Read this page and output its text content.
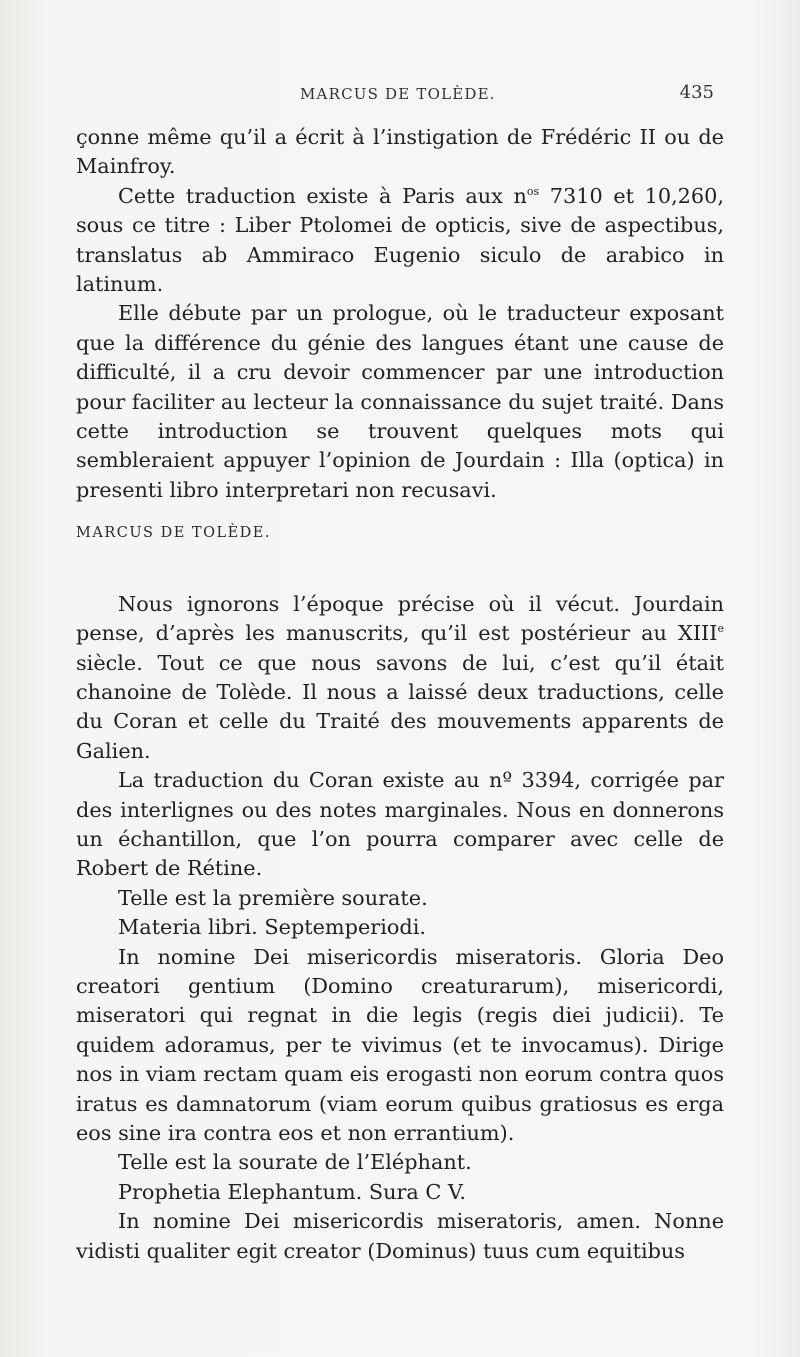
MARCUS DE TOLÈDE.	435

çonne même qu’il a écrit à l’instigation de Frédéric II ou de Mainfroy.

Cette traduction existe à Paris aux $n^{os}$ 7310 et 10,260, sous ce titre : Liber Ptolomei de opticis, sive de aspectibus, translatus ab Ammiraco Eugenio siculo de arabico in latinum.

Elle débute par un prologue, où le traducteur exposant que la différence du génie des langues étant une cause de difficulté, il a cru devoir commencer par une introduction pour faciliter au lecteur la connaissance du sujet traité. Dans cette introduction se trouvent quelques mots qui sembleraient appuyer l’opinion de Jourdain : Illa (optica) in presenti libro interpretari non recusavi.

MARCUS DE TOLÈDE.

Nous ignorons l’époque précise où il vécut. Jourdain pense, d’après les manuscrits, qu’il est postérieur au XIIIe siècle. Tout ce que nous savons de lui, c’est qu’il était chanoine de Tolède. Il nous a laissé deux traductions, celle du Coran et celle du Traité des mouvements apparents de Galien.

La traduction du Coran existe au nº 3394, corrigée par des interlignes ou des notes marginales. Nous en donnerons un échantillon, que l’on pourra comparer avec celle de Robert de Rétine.

Telle est la première sourate.

Materia libri. Septemperiodi.

In nomine Dei misericordis miseratoris. Gloria Deo creatori gentium (Domino creaturarum), misericordi, miseratori qui regnat in die legis (regis diei judicii). Te quidem adoramus, per te vivimus (et te invocamus). Dirige nos in viam rectam quam eis erogasti non eorum contra quos iratus es damnatorum (viam eorum quibus gratiosus es erga eos sine ira contra eos et non errantium).

Telle est la sourate de l’Eléphant.

Prophetia Elephantum. Sura C V.

In nomine Dei misericordis miseratoris, amen. Nonne vidisti qualiter egit creator (Dominus) tuus cum equitibus
